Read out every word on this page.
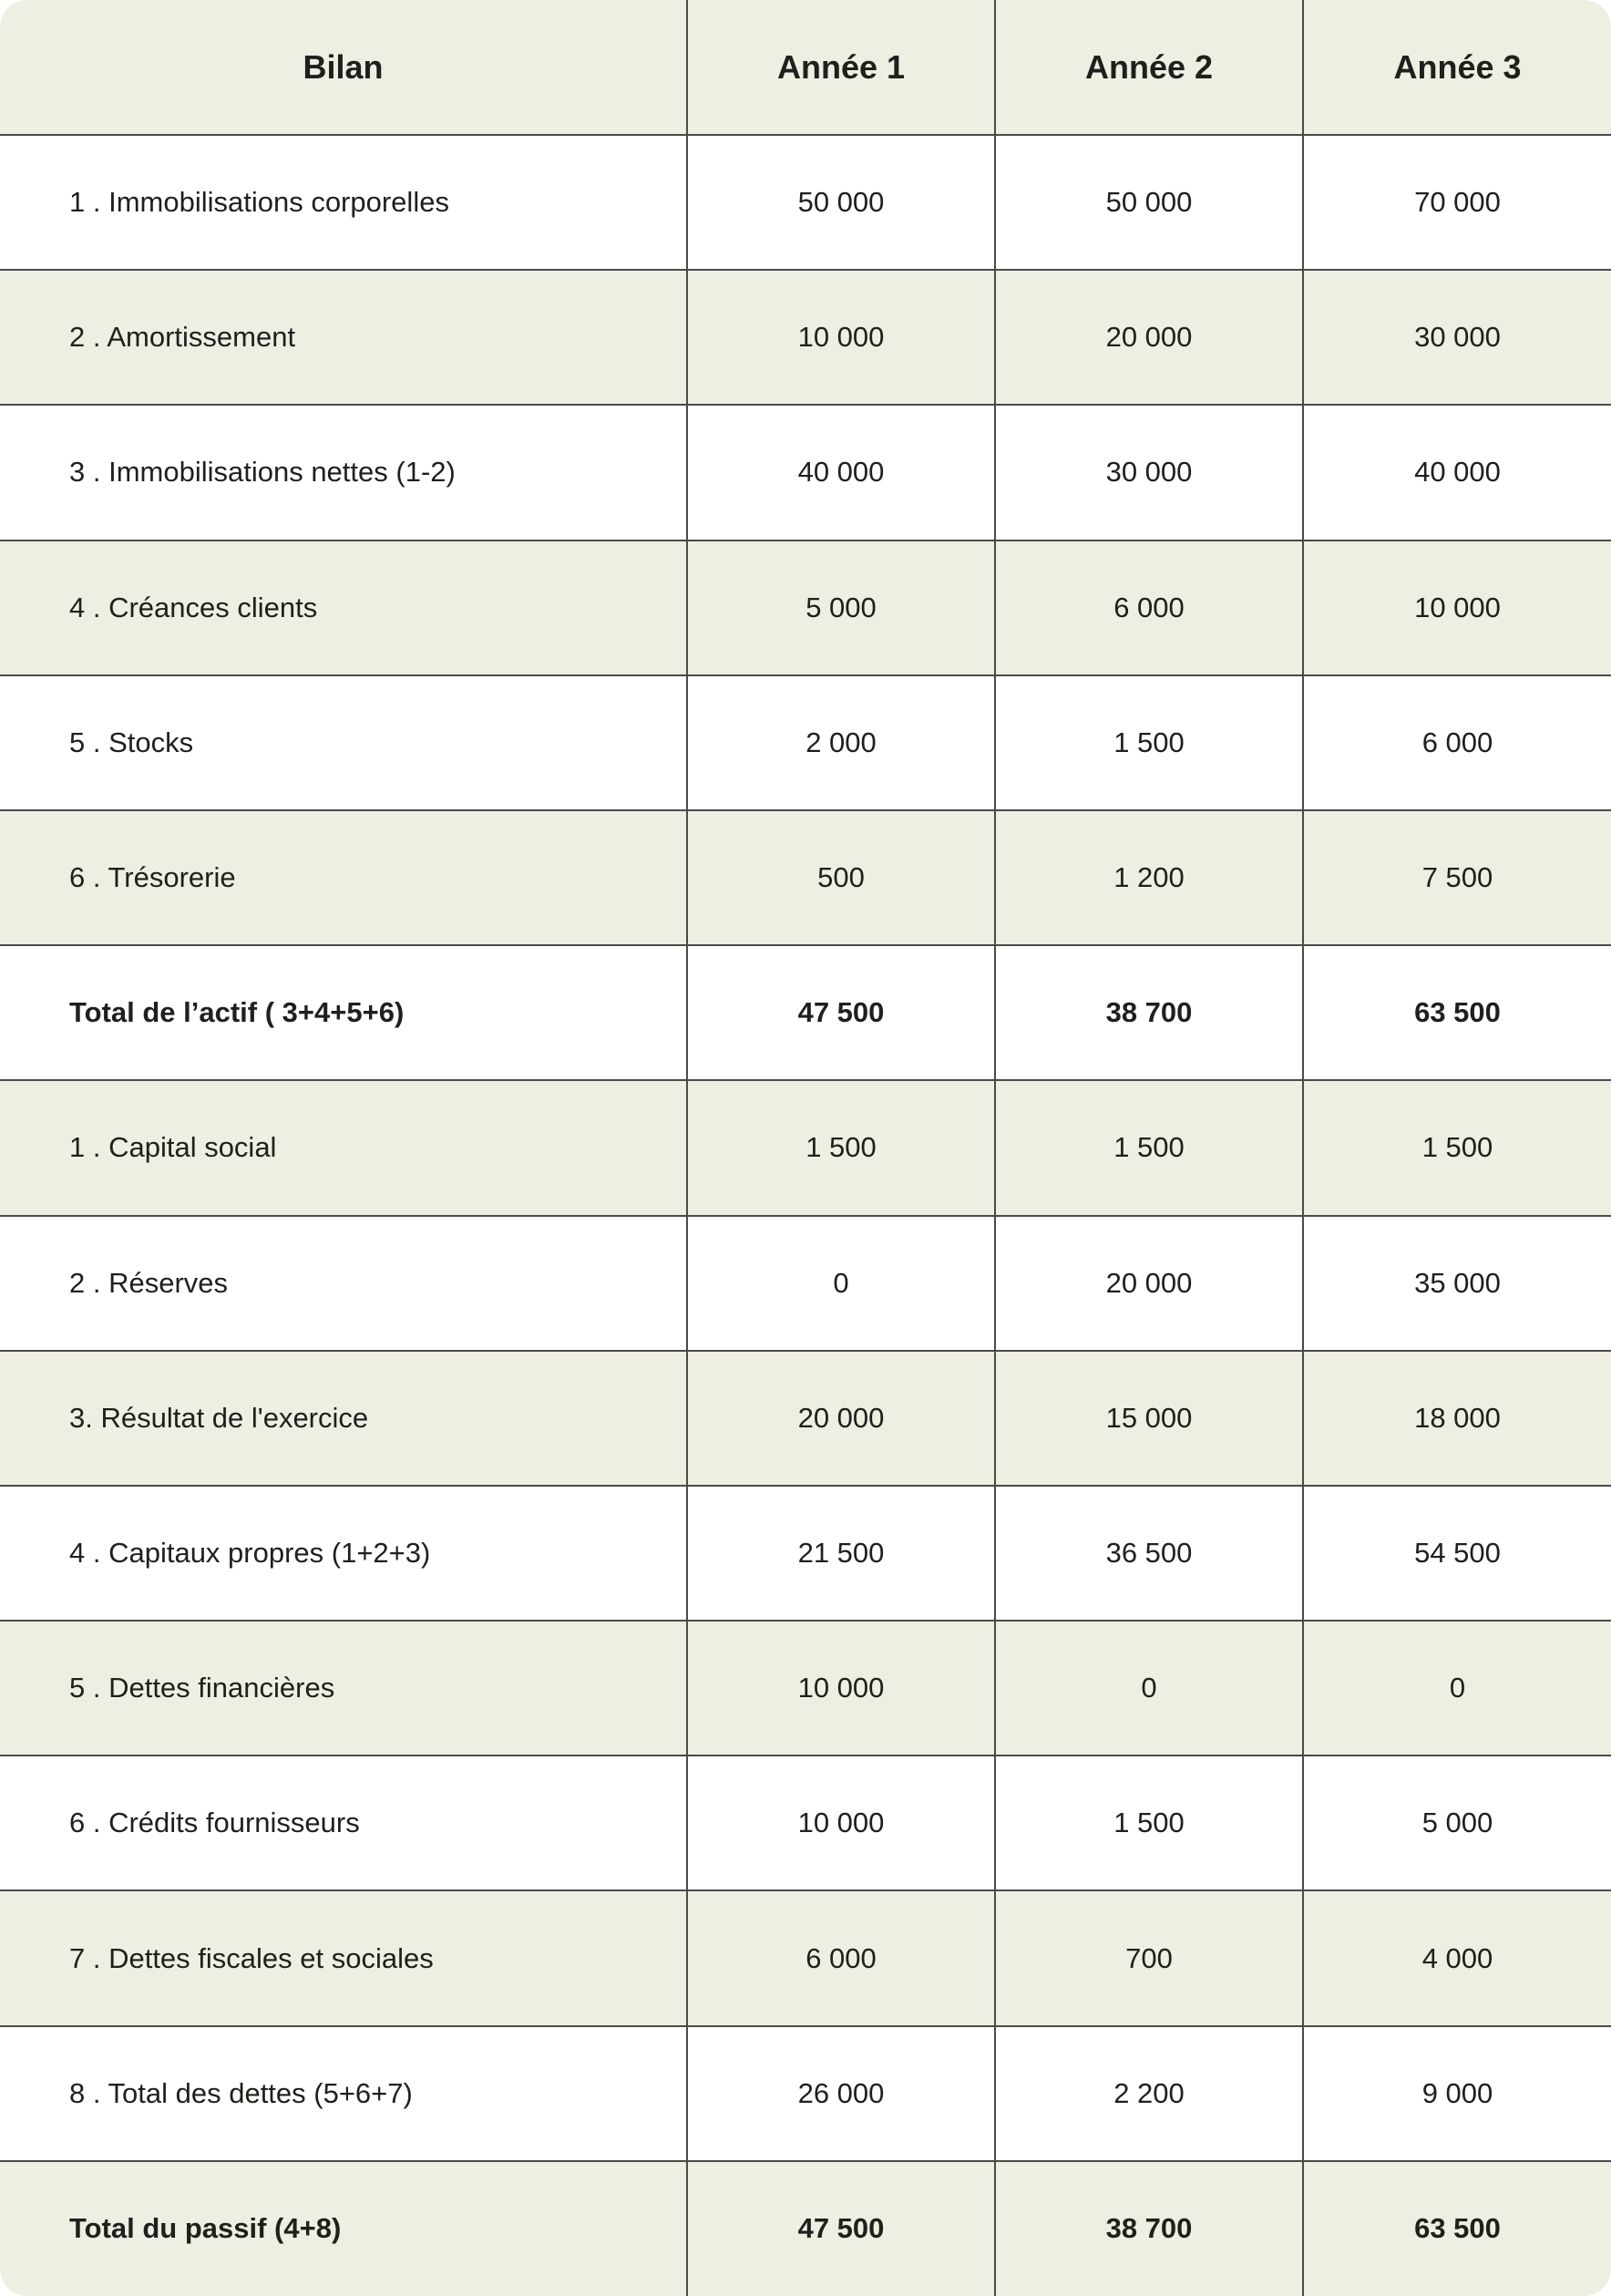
Bilan	Année 1	Année 2	Année 3
1 . Immobilisations corporelles	50 000	50 000	70 000
2 . Amortissement	10 000	20 000	30 000
3 . Immobilisations nettes (1-2)	40 000	30 000	40 000
4 . Créances clients	5 000	6 000	10 000
5 . Stocks	2 000	1 500	6 000
6 . Trésorerie	500	1 200	7 500
Total de l’actif ( 3+4+5+6)	47 500	38 700	63 500
1 . Capital social	1 500	1 500	1 500
2 . Réserves	0	20 000	35 000
3. Résultat de l'exercice	20 000	15 000	18 000
4 . Capitaux propres (1+2+3)	21 500	36 500	54 500
5 . Dettes financières	10 000	0	0
6 . Crédits fournisseurs	10 000	1 500	5 000
7 . Dettes fiscales et sociales	6 000	700	4 000
8 . Total des dettes (5+6+7)	26 000	2 200	9 000
Total du passif (4+8)	47 500	38 700	63 500
